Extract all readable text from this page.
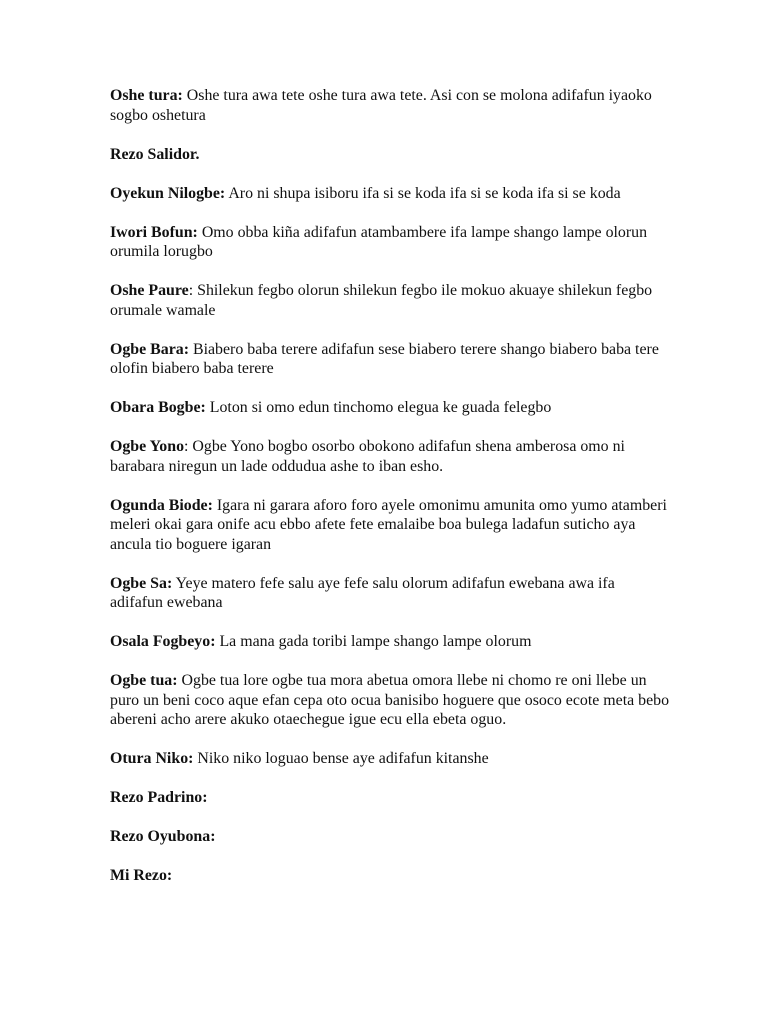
Oshe tura: Oshe tura awa tete oshe tura awa tete. Asi con se molona adifafun iyaoko sogbo oshetura

Rezo Salidor.

Oyekun Nilogbe: Aro ni shupa isiboru ifa si se koda ifa si se koda ifa si se koda

Iwori Bofun: Omo obba kiña adifafun atambambere ifa lampe shango lampe olorun orumila lorugbo

Oshe Paure: Shilekun fegbo olorun shilekun fegbo ile mokuo akuaye shilekun fegbo orumale wamale

Ogbe Bara: Biabero baba terere adifafun sese biabero terere shango biabero baba tere olofin biabero baba terere

Obara Bogbe: Loton si omo edun tinchomo elegua ke guada felegbo

Ogbe Yono: Ogbe Yono bogbo osorbo obokono adifafun shena amberosa omo ni barabara niregun un lade oddudua ashe to iban esho.

Ogunda Biode: Igara ni garara aforo foro ayele omonimu amunita omo yumo atamberi meleri okai gara onife acu ebbo afete fete emalaibe boa bulega ladafun suticho aya ancula tio boguere igaran

Ogbe Sa: Yeye matero fefe salu aye fefe salu olorum adifafun ewebana awa ifa adifafun ewebana

Osala Fogbeyo: La mana gada toribi lampe shango lampe olorum

Ogbe tua: Ogbe tua lore ogbe tua mora abetua omora llebe ni chomo re oni llebe un puro un beni coco aque efan cepa oto ocua banisibo hoguere que osoco ecote meta bebo abereni acho arere akuko otaechegue igue ecu ella ebeta oguo.

Otura Niko: Niko niko loguao bense aye adifafun kitanshe

Rezo Padrino:

Rezo Oyubona:

Mi Rezo:
